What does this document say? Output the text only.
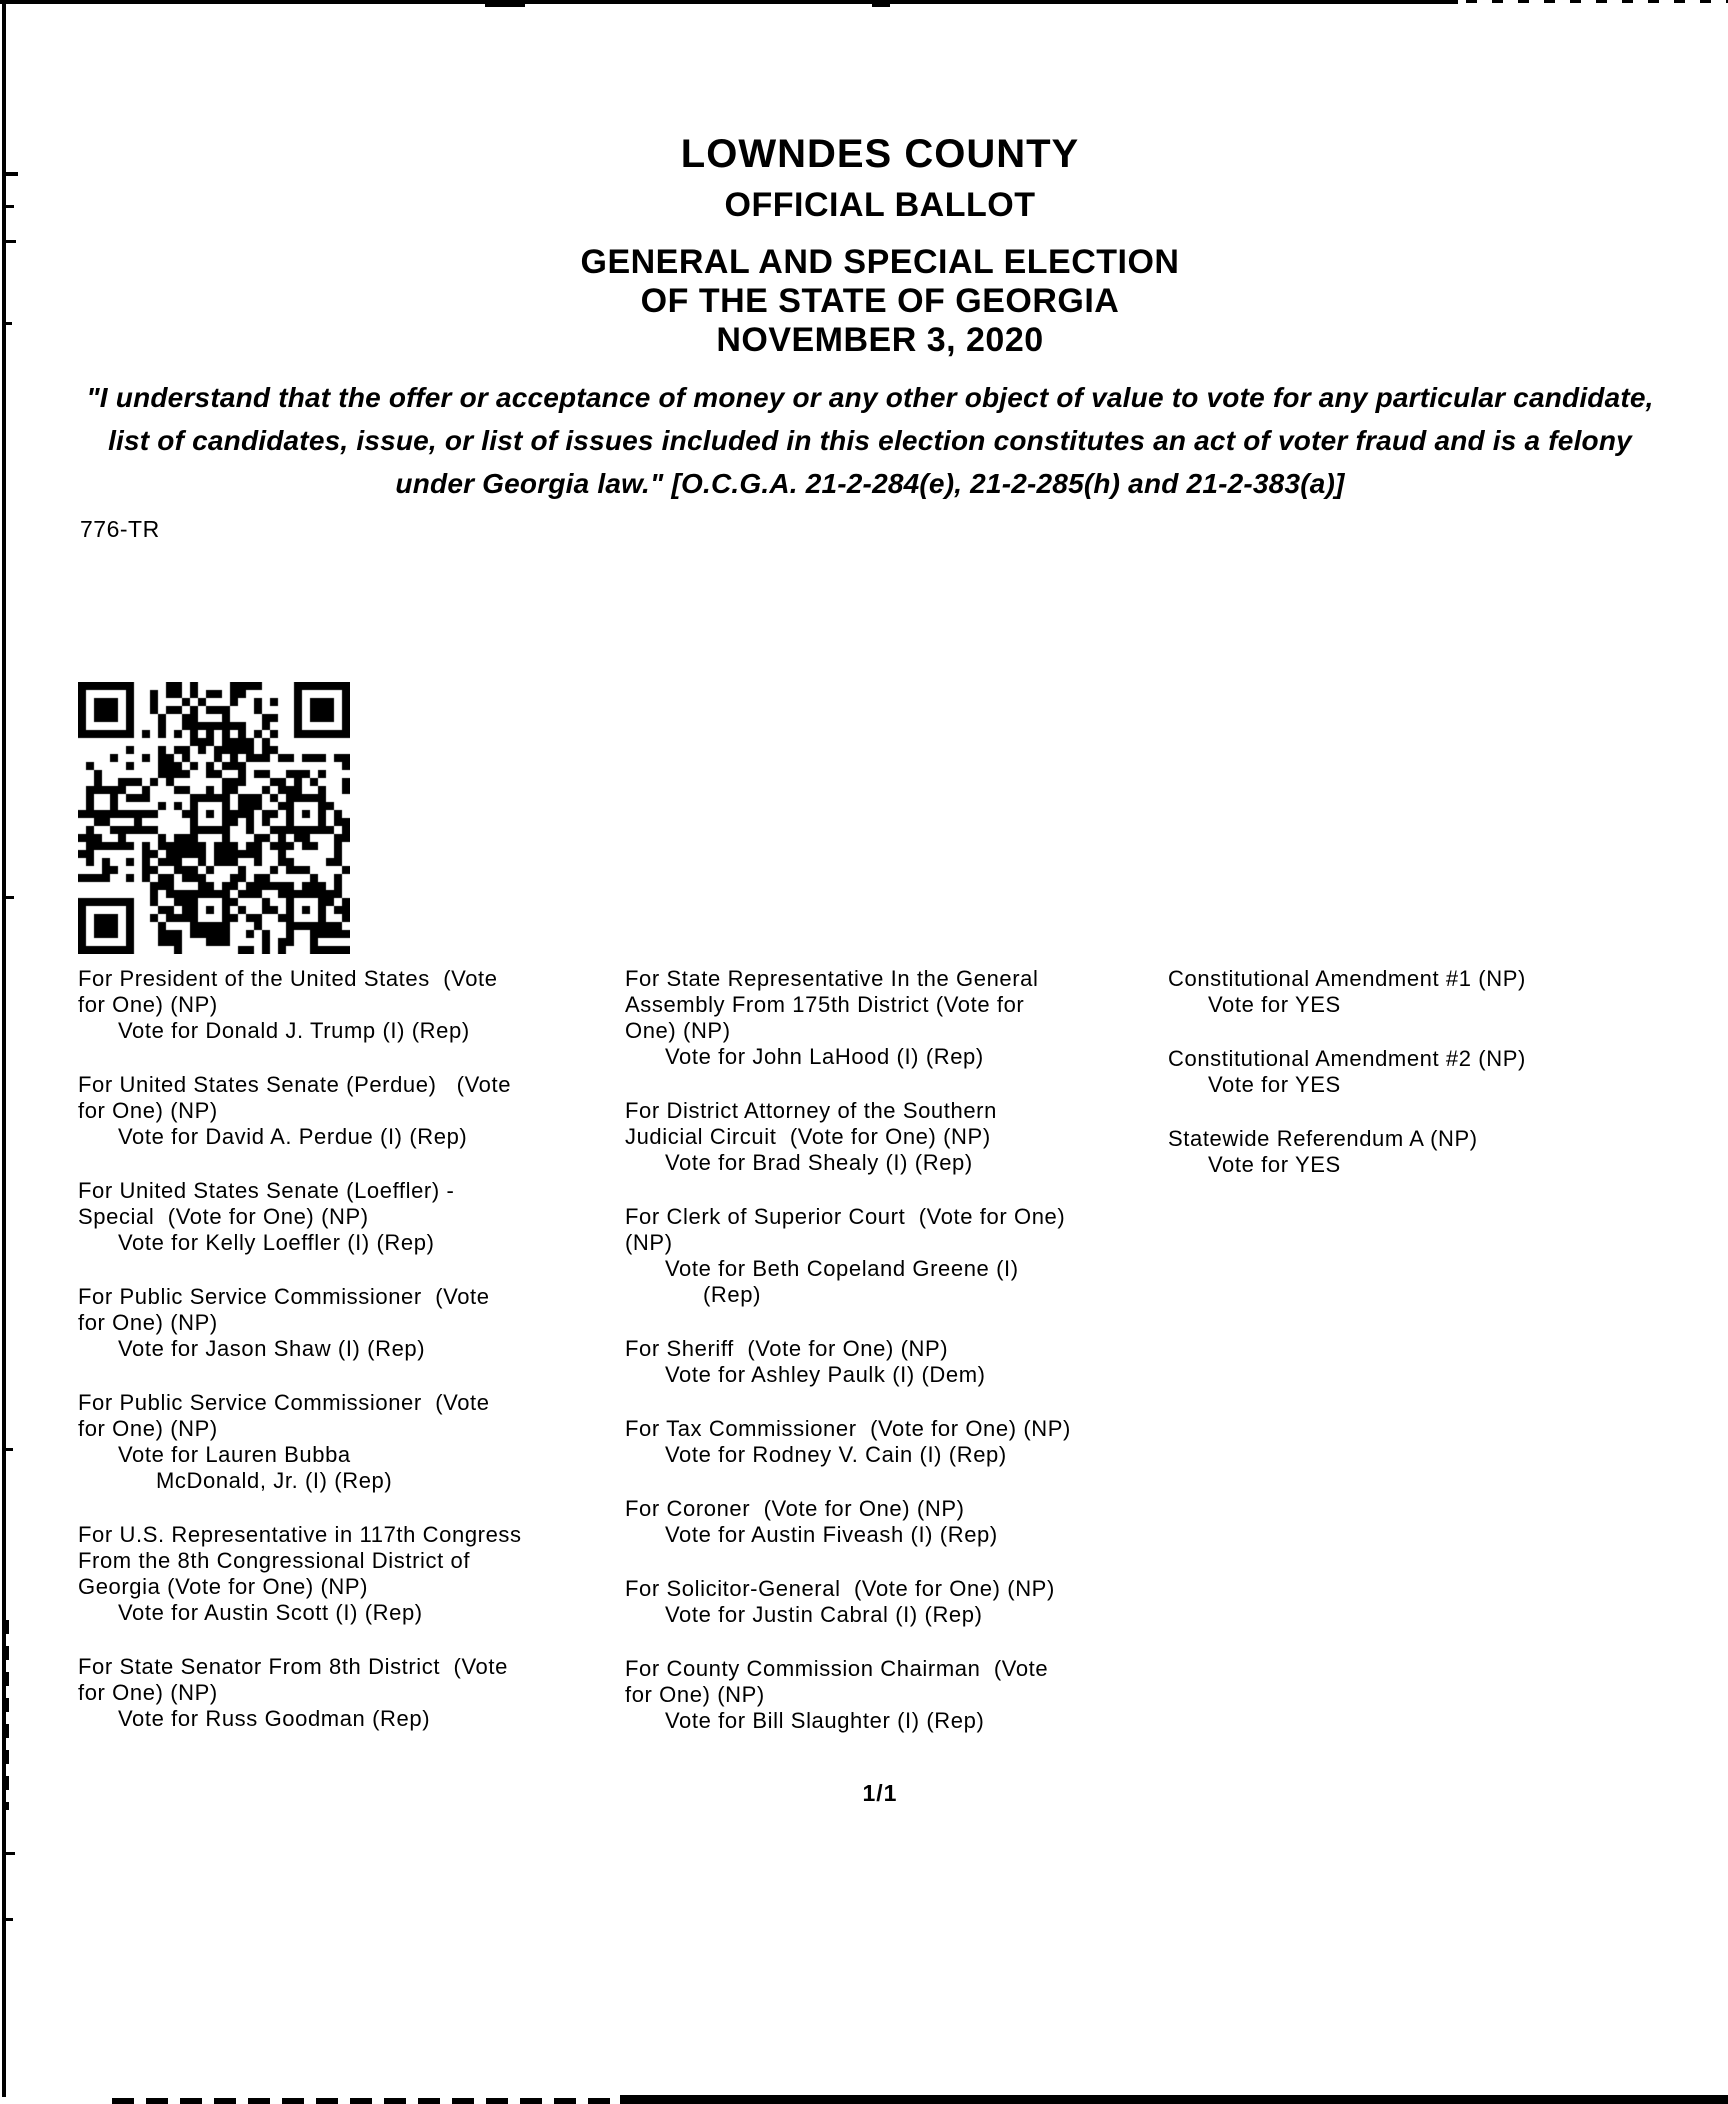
LOWNDES COUNTY
OFFICIAL BALLOT
GENERAL AND SPECIAL ELECTION
OF THE STATE OF GEORGIA
NOVEMBER 3, 2020
"I understand that the offer or acceptance of money or any other object of value to vote for any particular candidate,
list of candidates, issue, or list of issues included in this election constitutes an act of voter fraud and is a felony
under Georgia law." [O.C.G.A. 21-2-284(e), 21-2-285(h) and 21-2-383(a)]
776-TR
For President of the United States  (Vote
for One) (NP)
Vote for Donald J. Trump (I) (Rep)
For United States Senate (Perdue)   (Vote
for One) (NP)
Vote for David A. Perdue (I) (Rep)
For United States Senate (Loeffler) -
Special  (Vote for One) (NP)
Vote for Kelly Loeffler (I) (Rep)
For Public Service Commissioner  (Vote
for One) (NP)
Vote for Jason Shaw (I) (Rep)
For Public Service Commissioner  (Vote
for One) (NP)
Vote for Lauren Bubba
McDonald, Jr. (I) (Rep)
For U.S. Representative in 117th Congress
From the 8th Congressional District of
Georgia (Vote for One) (NP)
Vote for Austin Scott (I) (Rep)
For State Senator From 8th District  (Vote
for One) (NP)
Vote for Russ Goodman (Rep)
For State Representative In the General
Assembly From 175th District (Vote for
One) (NP)
Vote for John LaHood (I) (Rep)
For District Attorney of the Southern
Judicial Circuit  (Vote for One) (NP)
Vote for Brad Shealy (I) (Rep)
For Clerk of Superior Court  (Vote for One)
(NP)
Vote for Beth Copeland Greene (I)
(Rep)
For Sheriff  (Vote for One) (NP)
Vote for Ashley Paulk (I) (Dem)
For Tax Commissioner  (Vote for One) (NP)
Vote for Rodney V. Cain (I) (Rep)
For Coroner  (Vote for One) (NP)
Vote for Austin Fiveash (I) (Rep)
For Solicitor-General  (Vote for One) (NP)
Vote for Justin Cabral (I) (Rep)
For County Commission Chairman  (Vote
for One) (NP)
Vote for Bill Slaughter (I) (Rep)
Constitutional Amendment #1 (NP)
Vote for YES
Constitutional Amendment #2 (NP)
Vote for YES
Statewide Referendum A (NP)
Vote for YES
1/1
